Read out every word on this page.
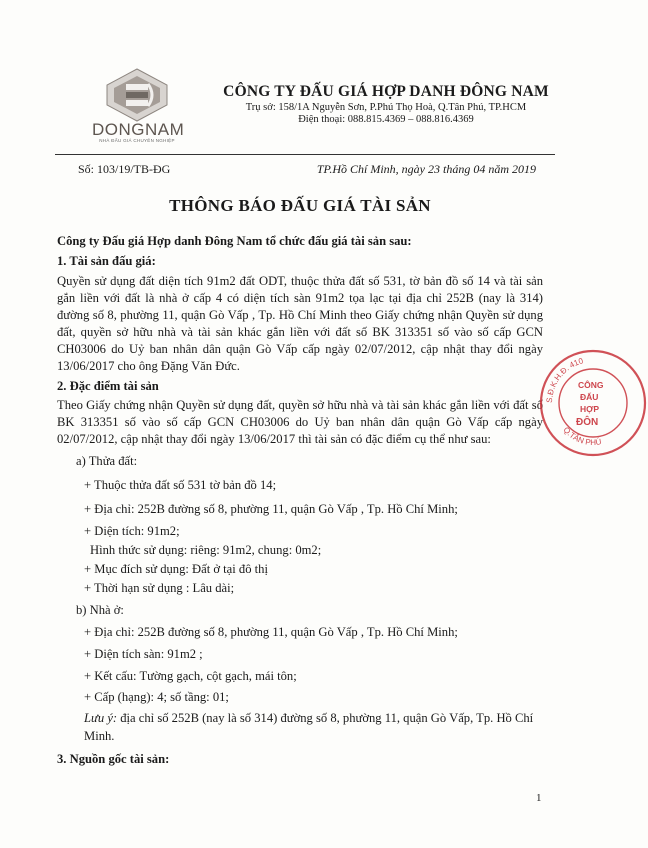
DONGNAM
NHÀ ĐẤU GIÁ CHUYÊN NGHIỆP
CÔNG TY ĐẤU GIÁ HỢP DANH ĐÔNG NAM
Trụ sở: 158/1A Nguyễn Sơn, P.Phú Thọ Hoà, Q.Tân Phú, TP.HCM
Điện thoại: 088.815.4369 – 088.816.4369
Số: 103/19/TB-ĐG	TP.Hồ Chí Minh, ngày 23 tháng 04 năm 2019
THÔNG BÁO ĐẤU GIÁ TÀI SẢN
Công ty Đấu giá Hợp danh Đông Nam tổ chức đấu giá tài sản sau:
1. Tài sản đấu giá:
Quyền sử dụng đất diện tích 91m2 đất ODT, thuộc thửa đất số 531, tờ bản đồ số 14 và tài sản
gắn liền với đất là nhà ở cấp 4 có diện tích sàn 91m2 tọa lạc tại địa chỉ 252B (nay là 314)
đường số 8, phường 11, quận Gò Vấp , Tp. Hồ Chí Minh theo Giấy chứng nhận Quyền sử dụng
đất, quyền sở hữu nhà và tài sản khác gắn liền với đất số BK 313351 số vào số cấp GCN
CH03006 do Uỷ ban nhân dân quận Gò Vấp cấp ngày 02/07/2012, cập nhật thay đổi ngày
13/06/2017 cho ông Đặng Văn Đức.
2. Đặc điểm tài sản
Theo Giấy chứng nhận Quyền sử dụng đất, quyền sở hữu nhà và tài sản khác gắn liền với đất số
BK 313351 số vào số cấp GCN CH03006 do Uỷ ban nhân dân quận Gò Vấp cấp ngày
02/07/2012, cập nhật thay đổi ngày 13/06/2017 thì tài sản có đặc điểm cụ thể như sau:
a) Thửa đất:
+ Thuộc thửa đất số 531 tờ bản đồ 14;
+ Địa chỉ: 252B đường số 8, phường 11, quận Gò Vấp , Tp. Hồ Chí Minh;
+ Diện tích: 91m2;
Hình thức sử dụng: riêng: 91m2, chung: 0m2;
+ Mục đích sử dụng: Đất ở tại đô thị
+ Thời hạn sử dụng : Lâu dài;
b) Nhà ở:
+ Địa chỉ: 252B đường số 8, phường 11, quận Gò Vấp , Tp. Hồ Chí Minh;
+ Diện tích sàn: 91m2 ;
+ Kết cấu: Tường gạch, cột gạch, mái tôn;
+ Cấp (hạng): 4; số tầng: 01;
Lưu ý: địa chỉ số 252B (nay là số 314) đường số 8, phường 11, quận Gò Vấp, Tp. Hồ Chí
Minh.
3. Nguồn gốc tài sản:
1
S.Đ.K.H.Đ. 410
Q.TÂN PHÚ
CÔNG
ĐẤU
HỢP
ĐÔN
